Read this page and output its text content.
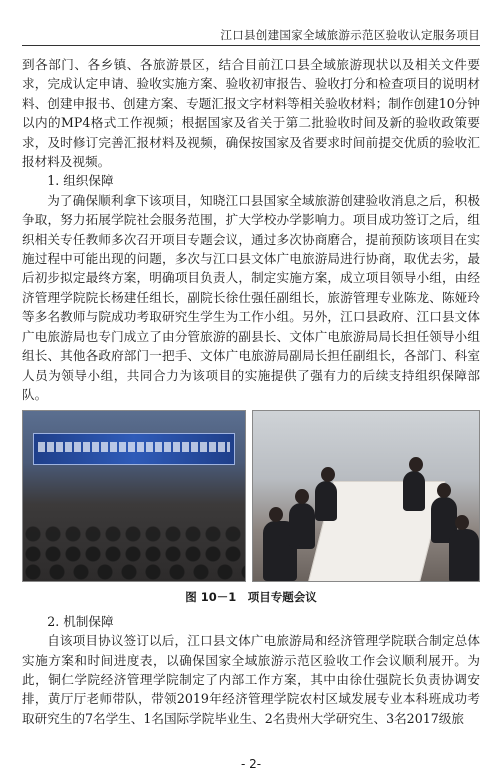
江口县创建国家全域旅游示范区验收认定服务项目

到各部门、各乡镇、各旅游景区，结合目前江口县全域旅游现状以及相关文件要求，完成认定申请、验收实施方案、验收初审报告、验收打分和检查项目的说明材料、创建申报书、创建方案、专题汇报文字材料等相关验收材料；制作创建10分钟以内的MP4格式工作视频；根据国家及省关于第二批验收时间及新的验收政策要求，及时修订完善汇报材料及视频，确保按国家及省要求时间前提交优质的验收汇报材料及视频。

1. 组织保障

为了确保顺利拿下该项目，知晓江口县国家全域旅游创建验收消息之后，积极争取，努力拓展学院社会服务范围，扩大学校办学影响力。项目成功签订之后，组织相关专任教师多次召开项目专题会议，通过多次协商磨合，提前预防该项目在实施过程中可能出现的问题，多次与江口县文体广电旅游局进行协商，取优去劣，最后初步拟定最终方案，明确项目负责人，制定实施方案，成立项目领导小组，由经济管理学院院长杨建任组长，副院长徐仕强任副组长，旅游管理专业陈龙、陈娅玲等多名教师与院成功考取研究生学生为工作小组。另外，江口县政府、江口县文体广电旅游局也专门成立了由分管旅游的副县长、文体广电旅游局局长担任领导小组组长、其他各政府部门一把手、文体广电旅游局副局长担任副组长，各部门、科室人员为领导小组，共同合力为该项目的实施提供了强有力的后续支持组织保障部队。

图 10－1　项目专题会议

2. 机制保障

自该项目协议签订以后，江口县文体广电旅游局和经济管理学院联合制定总体实施方案和时间进度表，以确保国家全域旅游示范区验收工作会议顺利展开。为此，铜仁学院经济管理学院制定了内部工作方案，其中由徐仕强院长负责协调安排，黄厅厅老师带队，带领2019年经济管理学院农村区域发展专业本科班成功考取研究生的7名学生、1名国际学院毕业生、2名贵州大学研究生、3名2017级旅

- 2-
